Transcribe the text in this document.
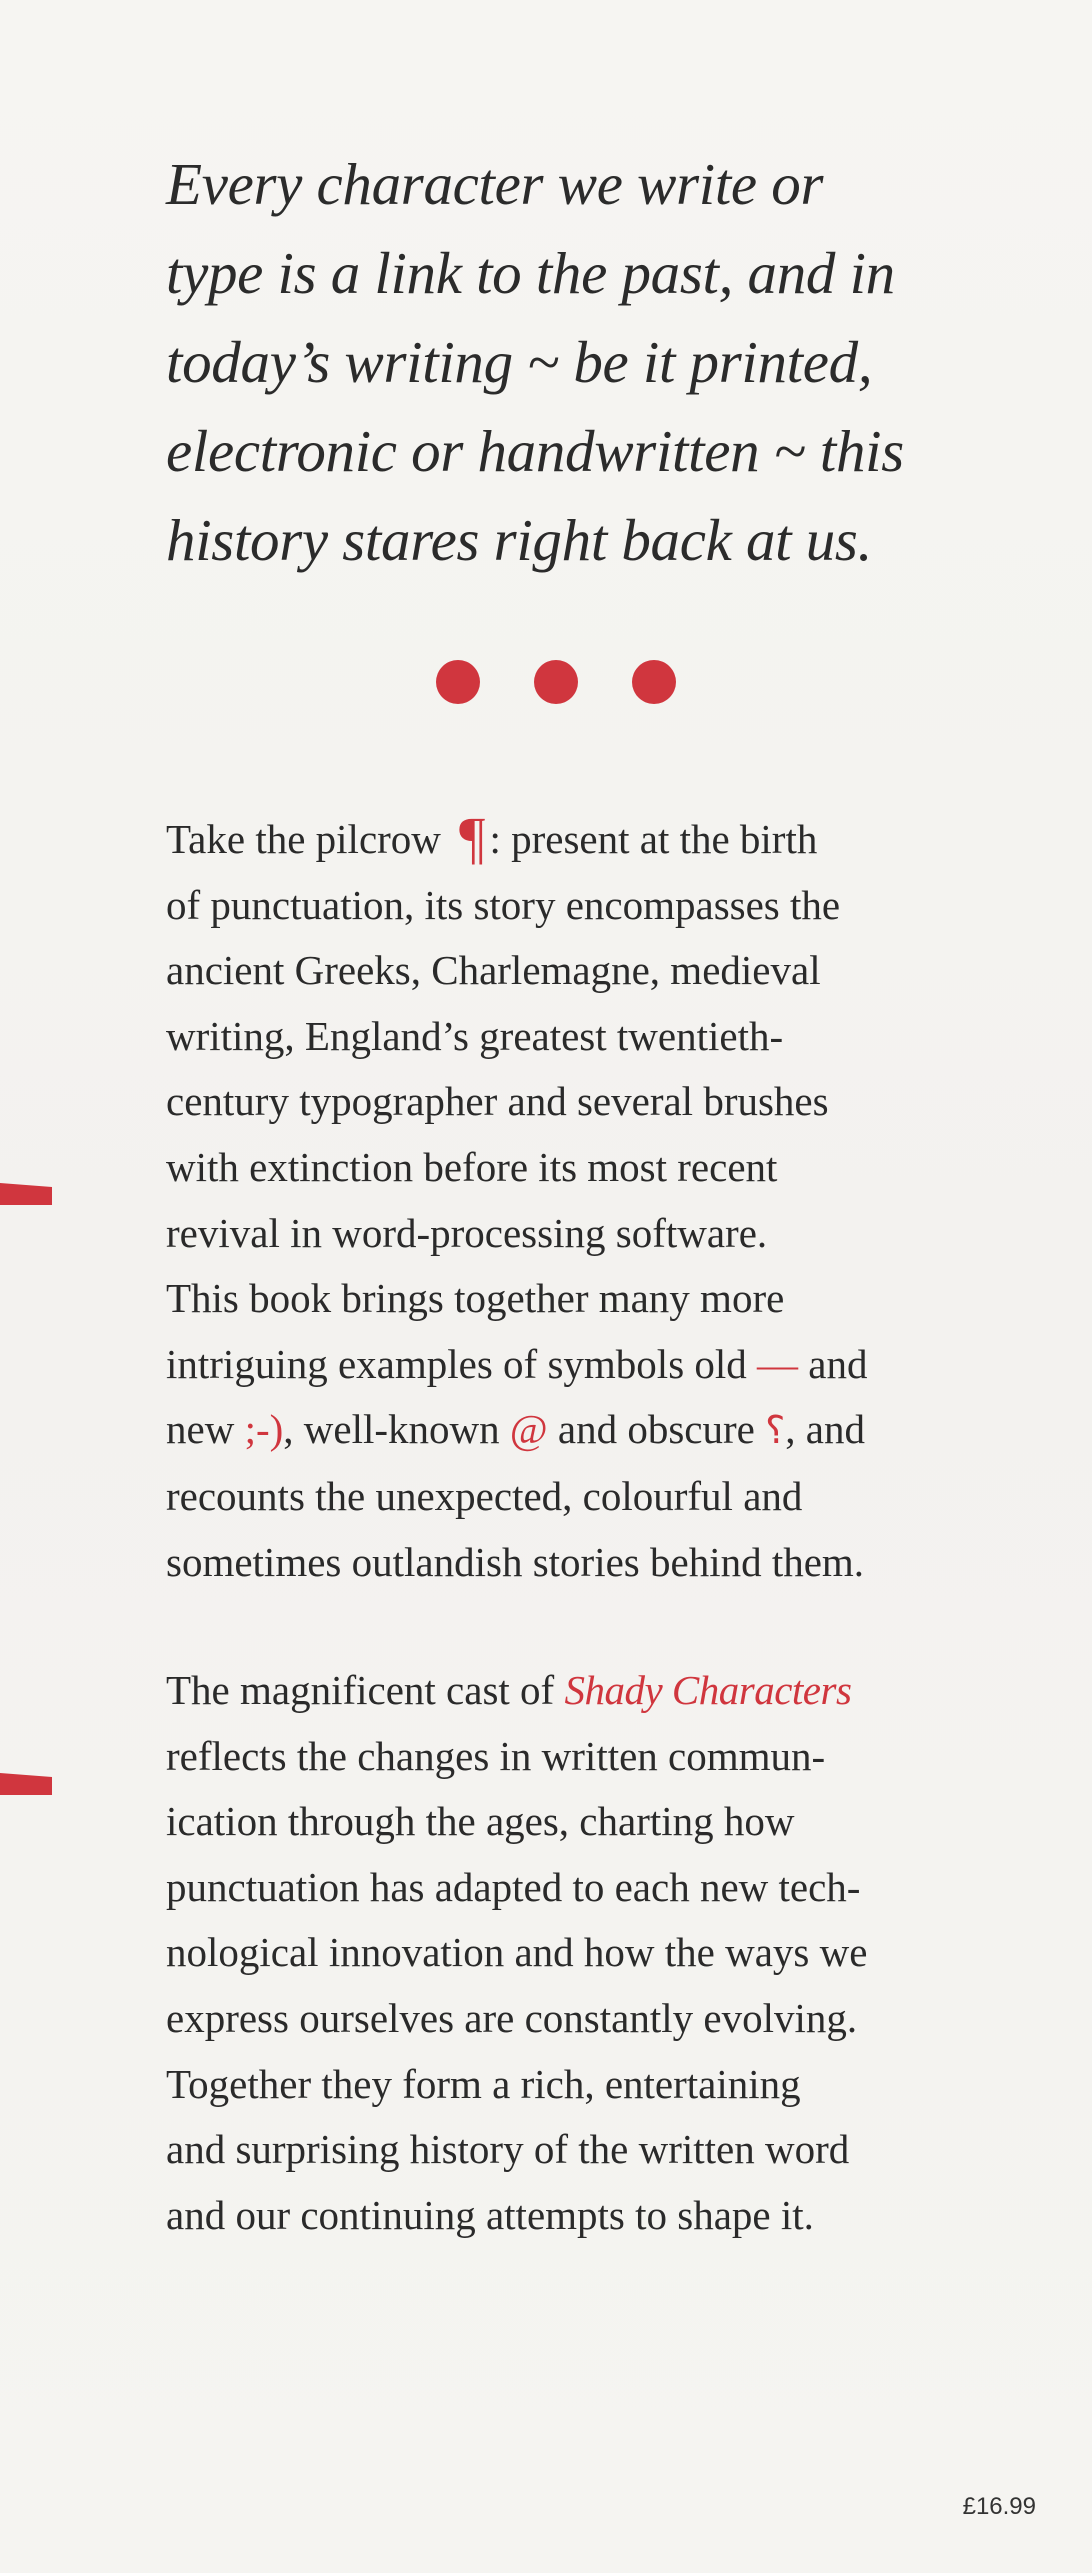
Every character we write or
type is a link to the past, and in
today’s writing ~ be it printed,
electronic or handwritten ~ this
history stares right back at us.
Take the pilcrow ¶: present at the birth
of punctuation, its story encompasses the
ancient Greeks, Charlemagne, medieval
writing, England’s greatest twentieth-
century typographer and several brushes
with extinction before its most recent
revival in word-processing software.
This book brings together many more
intriguing examples of symbols old — and
new ;-), well-known @ and obscure ⸮, and
recounts the unexpected, colourful and
sometimes outlandish stories behind them.
The magnificent cast of Shady Characters
reflects the changes in written commun-
ication through the ages, charting how
punctuation has adapted to each new tech-
nological innovation and how the ways we
express ourselves are constantly evolving.
Together they form a rich, entertaining
and surprising history of the written word
and our continuing attempts to shape it.
£16.99
